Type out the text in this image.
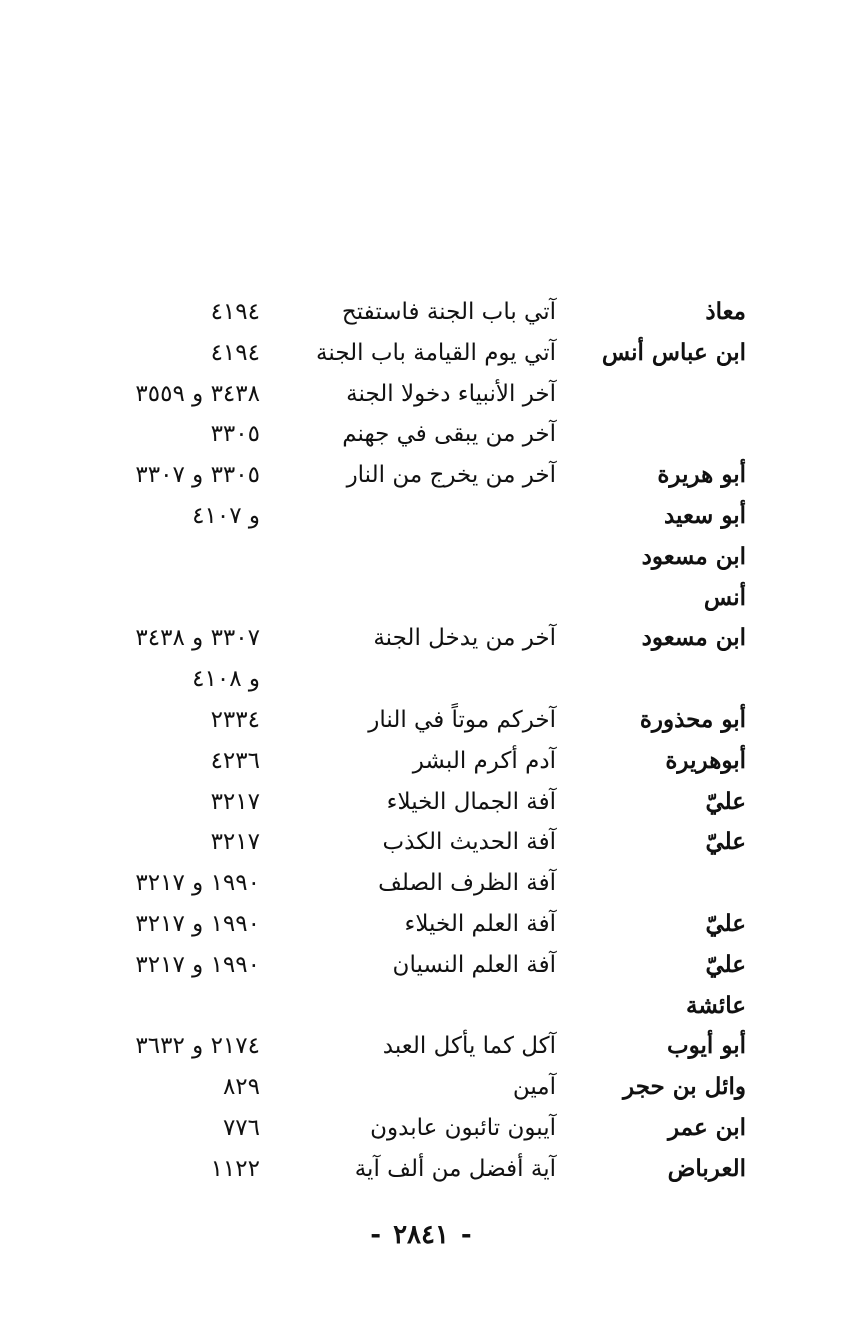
معاذ
آتي باب الجنة فاستفتح
٤١٩٤
ابن عباس أنس
آتي يوم القيامة باب الجنة
٤١٩٤
آخر الأنبياء دخولا الجنة
٣٤٣٨ و ٣٥٥٩
آخر من يبقى في جهنم
٣٣٠٥
أبو هريرة
آخر من يخرج من النار
٣٣٠٥ و ٣٣٠٧
أبو سعيد
و ٤١٠٧
ابن مسعود
أنس
ابن مسعود
آخر من يدخل الجنة
٣٣٠٧ و ٣٤٣٨
و ٤١٠٨
أبو محذورة
آخركم موتاً في النار
٢٣٣٤
أبوهريرة
آدم أكرم البشر
٤٢٣٦
عليّ
آفة الجمال الخيلاء
٣٢١٧
عليّ
آفة الحديث الكذب
٣٢١٧
آفة الظرف الصلف
١٩٩٠ و ٣٢١٧
عليّ
آفة العلم الخيلاء
١٩٩٠ و ٣٢١٧
عليّ
آفة العلم النسيان
١٩٩٠ و ٣٢١٧
عائشة
أبو أيوب
آكل كما يأكل العبد
٢١٧٤ و ٣٦٣٢
وائل بن حجر
آمين
٨٢٩
ابن عمر
آيبون تائبون عابدون
٧٧٦
العرباض
آية أفضل من ألف آية
١١٢٢
-٢٨٤١-
